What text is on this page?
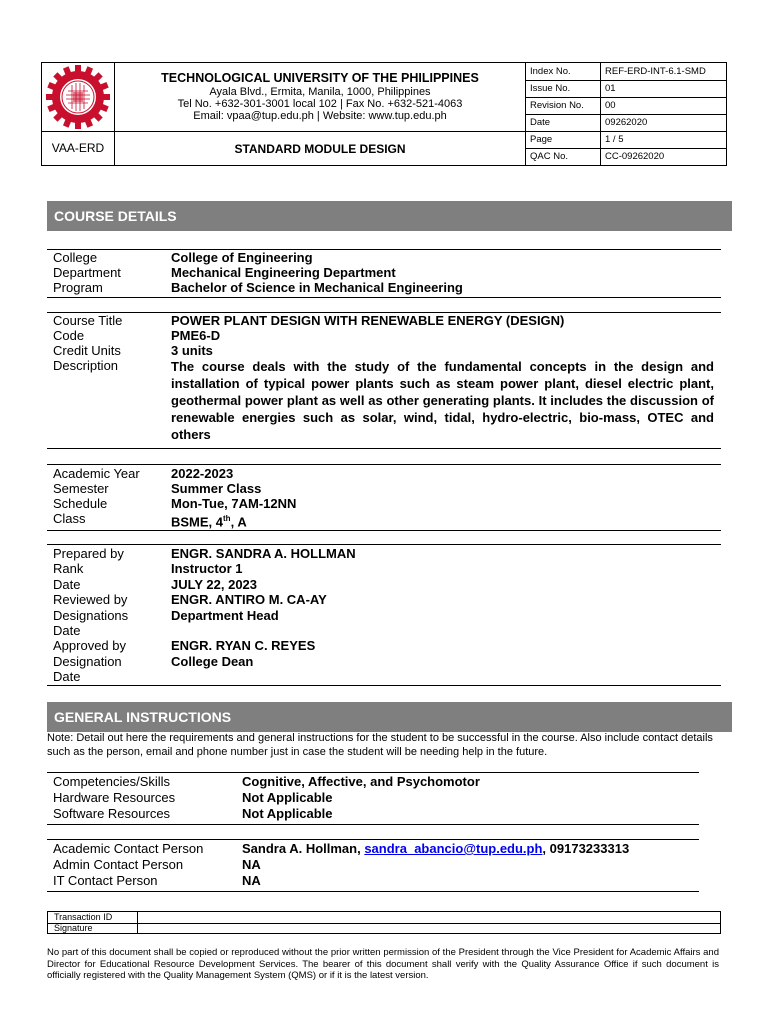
TECHNOLOGICAL UNIVERSITY OF THE PHILIPPINES
Ayala Blvd., Ermita, Manila, 1000, Philippines
Tel No. +632-301-3001 local 102 | Fax No. +632-521-4063
Email: vpaa@tup.edu.ph | Website: www.tup.edu.ph
VAA-ERD	STANDARD MODULE DESIGN
Index No.	REF-ERD-INT-6.1-SMD
Issue No.	01
Revision No. 00
Date	09262020
Page	1 / 5
QAC No.	CC-09262020
COURSE DETAILS
College	College of Engineering
Department	Mechanical Engineering Department
Program	Bachelor of Science in Mechanical Engineering
Course Title	POWER PLANT DESIGN WITH RENEWABLE ENERGY (DESIGN)
Code	PME6-D
Credit Units	3 units
Description	The course deals with the study of the fundamental concepts in the design and installation of typical power plants such as steam power plant, diesel electric plant, geothermal power plant as well as other generating plants. It includes the discussion of renewable energies such as solar, wind, tidal, hydro-electric, bio-mass, OTEC and others
Academic Year 2022-2023
Semester	Summer Class
Schedule	Mon-Tue, 7AM-12NN
Class	BSME, 4th, A
Prepared by	ENGR. SANDRA A. HOLLMAN
Rank	Instructor 1
Date	JULY 22, 2023
Reviewed by	ENGR. ANTIRO M. CA-AY
Designations	Department Head
Date
Approved by	ENGR. RYAN C. REYES
Designation	College Dean
Date
GENERAL INSTRUCTIONS
Note: Detail out here the requirements and general instructions for the student to be successful in the course. Also include contact details such as the person, email and phone number just in case the student will be needing help in the future.
Competencies/Skills	Cognitive, Affective, and Psychomotor
Hardware Resources	Not Applicable
Software Resources	Not Applicable
Academic Contact Person	Sandra A. Hollman, sandra_abancio@tup.edu.ph, 09173233313
Admin Contact Person	NA
IT Contact Person	NA
Transaction ID
Signature
No part of this document shall be copied or reproduced without the prior written permission of the President through the Vice President for Academic Affairs and Director for Educational Resource Development Services. The bearer of this document shall verify with the Quality Assurance Office if such document is officially registered with the Quality Management System (QMS) or if it is the latest version.
